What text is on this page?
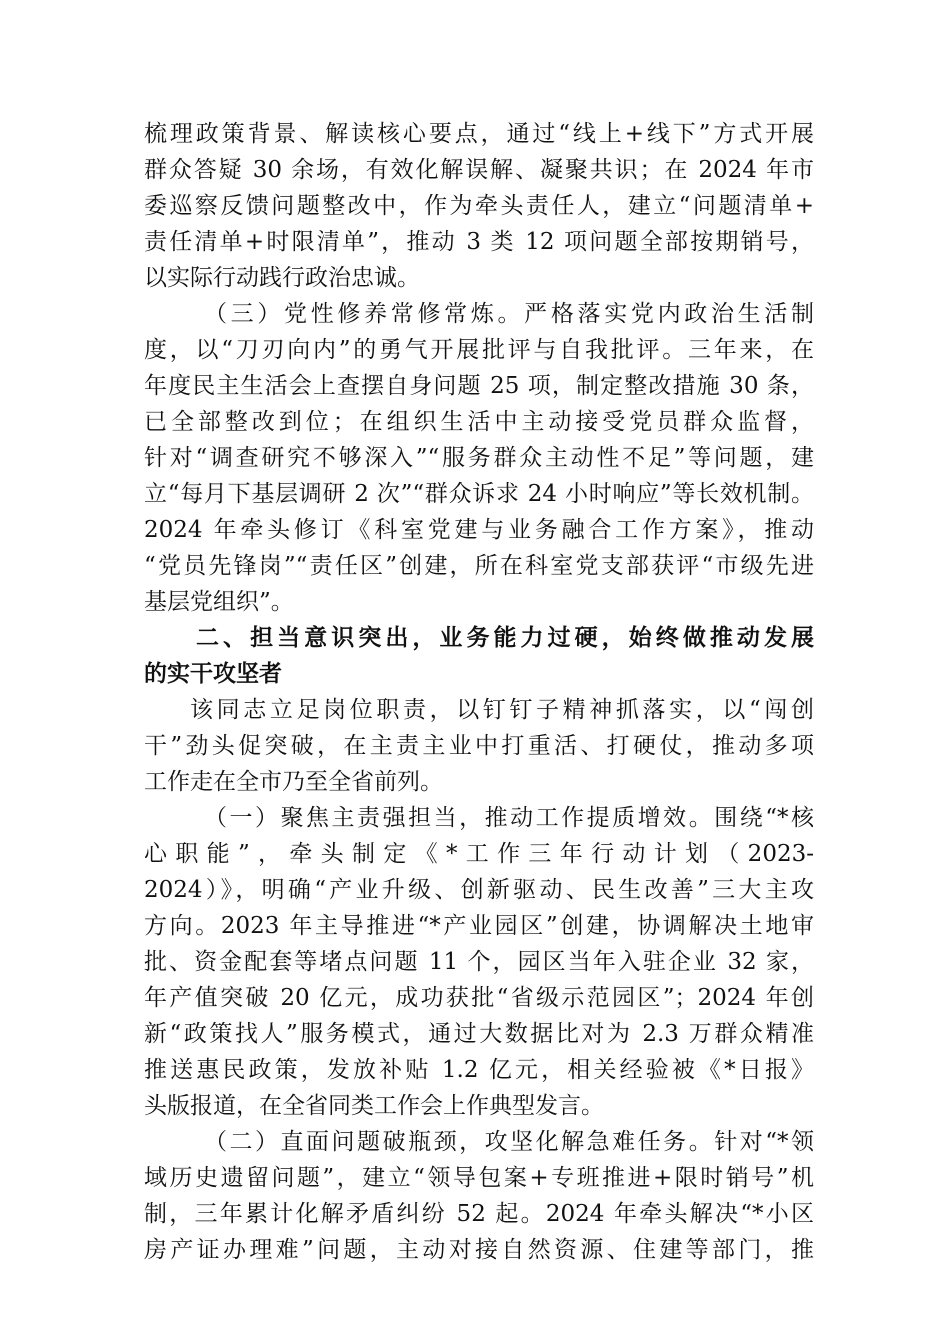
梳理政策背景、解读核心要点，通过“线上+线下”方式开展
群众答疑 30 余场，有效化解误解、凝聚共识；在 2024 年市
委巡察反馈问题整改中，作为牵头责任人，建立“问题清单+
责任清单+时限清单”，推动 3 类 12 项问题全部按期销号，
以实际行动践行政治忠诚。
（三）党性修养常修常炼。严格落实党内政治生活制
度，以“刀刃向内”的勇气开展批评与自我批评。三年来，在
年度民主生活会上查摆自身问题 25 项，制定整改措施 30 条，
已全部整改到位；在组织生活中主动接受党员群众监督，
针对“调查研究不够深入”“服务群众主动性不足”等问题，建
立“每月下基层调研 2 次”“群众诉求 24 小时响应”等长效机制。
2024 年牵头修订《科室党建与业务融合工作方案》，推动
“党员先锋岗”“责任区”创建，所在科室党支部获评“市级先进
基层党组织”。
二、担当意识突出，业务能力过硬，始终做推动发展
的实干攻坚者
该同志立足岗位职责，以钉钉子精神抓落实，以“闯创
干”劲头促突破，在主责主业中打重活、打硬仗，推动多项
工作走在全市乃至全省前列。
（一）聚焦主责强担当，推动工作提质增效。围绕“*核
心职能”，牵头制定《*工作三年行动计划（2023-
2024）》，明确“产业升级、创新驱动、民生改善”三大主攻
方向。2023 年主导推进“*产业园区”创建，协调解决土地审
批、资金配套等堵点问题 11 个，园区当年入驻企业 32 家，
年产值突破 20 亿元，成功获批“省级示范园区”；2024 年创
新“政策找人”服务模式，通过大数据比对为 2.3 万群众精准
推送惠民政策，发放补贴 1.2 亿元，相关经验被《*日报》
头版报道，在全省同类工作会上作典型发言。
（二）直面问题破瓶颈，攻坚化解急难任务。针对“*领
域历史遗留问题”，建立“领导包案+专班推进+限时销号”机
制，三年累计化解矛盾纠纷 52 起。2024 年牵头解决“*小区
房产证办理难”问题，主动对接自然资源、住建等部门，推
